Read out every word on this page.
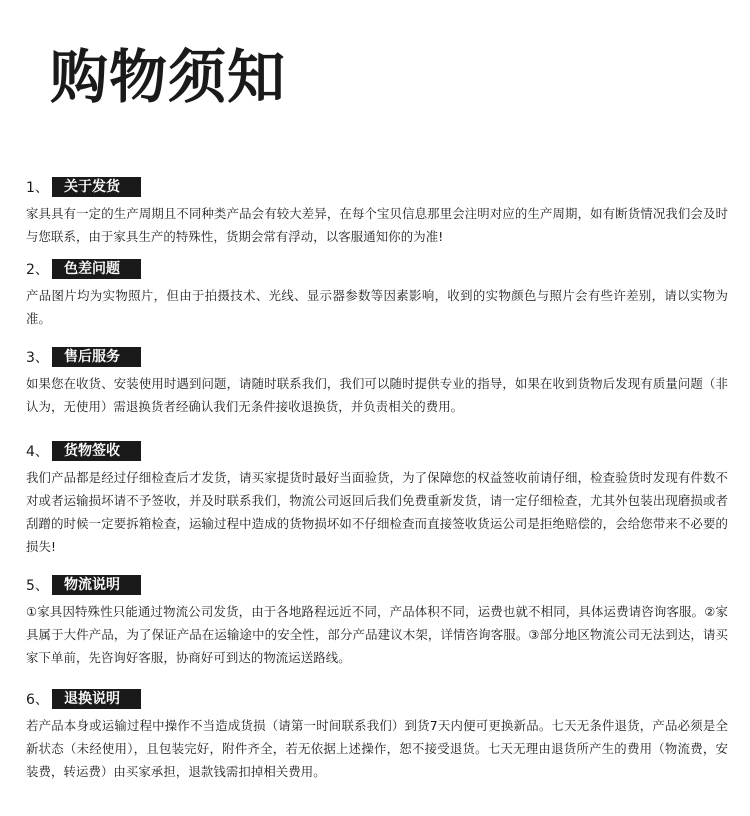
购物须知
1、	关于发货
家具具有一定的生产周期且不同种类产品会有较大差异，在每个宝贝信息那里会注明对应的生产周期，如有断货情况我们会及时与您联系，由于家具生产的特殊性，货期会常有浮动，以客服通知你的为准!
2、	色差问题
产品图片均为实物照片，但由于拍摄技术、光线、显示器参数等因素影响，收到的实物颜色与照片会有些许差别，请以实物为准。
3、	售后服务
如果您在收货、安装使用时遇到问题，请随时联系我们，我们可以随时提供专业的指导，如果在收到货物后发现有质量问题（非认为，无使用）需退换货者经确认我们无条件接收退换货，并负责相关的费用。
4、	货物签收
我们产品都是经过仔细检查后才发货，请买家提货时最好当面验货，为了保障您的权益签收前请仔细，检查验货时发现有件数不对或者运输损坏请不予签收，并及时联系我们，物流公司返回后我们免费重新发货，请一定仔细检查，尤其外包装出现磨损或者刮蹭的时候一定要拆箱检查，运输过程中造成的货物损坏如不仔细检查而直接签收货运公司是拒绝赔偿的，会给您带来不必要的损失!
5、	物流说明
①家具因特殊性只能通过物流公司发货，由于各地路程远近不同，产品体积不同，运费也就不相同，具体运费请咨询客服。②家具属于大件产品，为了保证产品在运输途中的安全性，部分产品建议木架，详情咨询客服。③部分地区物流公司无法到达，请买家下单前，先咨询好客服，协商好可到达的物流运送路线。
6、	退换说明
若产品本身或运输过程中操作不当造成货损（请第一时间联系我们）到货7天内便可更换新品。七天无条件退货，产品必须是全新状态（未经使用），且包装完好，附件齐全，若无依据上述操作，恕不接受退货。七天无理由退货所产生的费用（物流费，安装费，转运费）由买家承担，退款钱需扣掉相关费用。
